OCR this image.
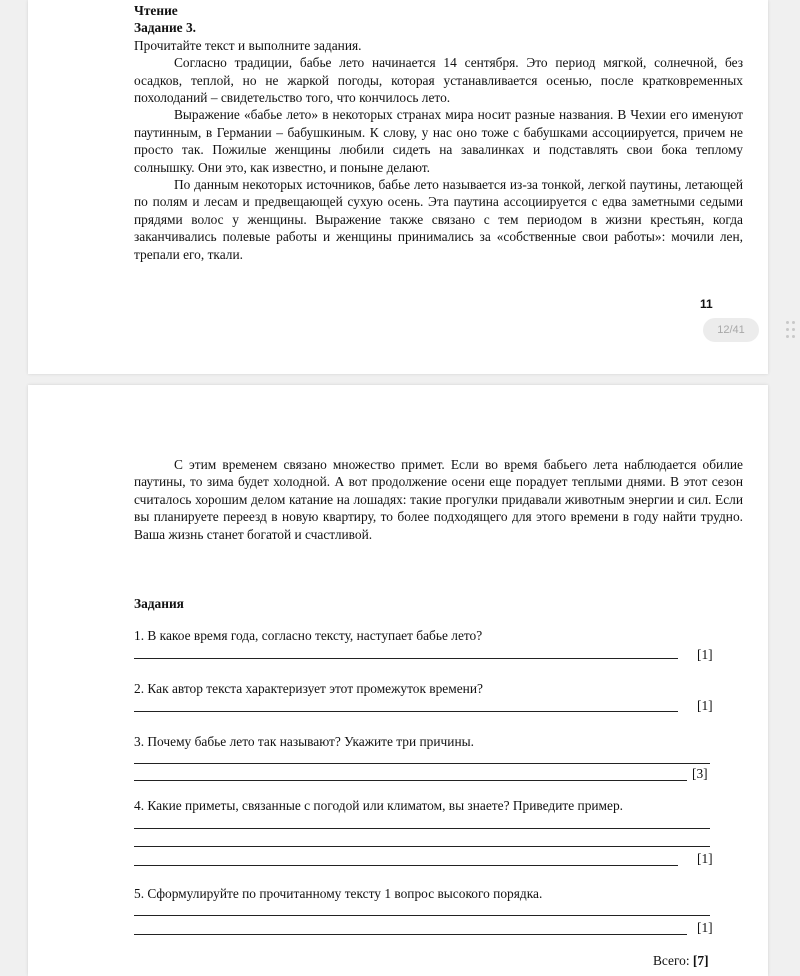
Чтение
Задание 3.
Прочитайте текст и выполните задания.

Согласно традиции, бабье лето начинается 14 сентября. Это период мягкой, солнечной, без осадков, теплой, но не жаркой погоды, которая устанавливается осенью, после кратковременных похолоданий – свидетельство того, что кончилось лето.

Выражение «бабье лето» в некоторых странах мира носит разные названия. В Чехии его именуют паутинным, в Германии – бабушкиным. К слову, у нас оно тоже с бабушками ассоциируется, причем не просто так. Пожилые женщины любили сидеть на завалинках и подставлять свои бока теплому солнышку. Они это, как известно, и поныне делают.

По данным некоторых источников, бабье лето называется из-за тонкой, легкой паутины, летающей по полям и лесам и предвещающей сухую осень. Эта паутина ассоциируется с едва заметными седыми прядями волос у женщины. Выражение также связано с тем периодом в жизни крестьян, когда заканчивались полевые работы и женщины принимались за «собственные свои работы»: мочили лен, трепали его, ткали.

11
12/41

С этим временем связано множество примет. Если во время бабьего лета наблюдается обилие паутины, то зима будет холодной. А вот продолжение осени еще порадует теплыми днями. В этот сезон считалось хорошим делом катание на лошадях: такие прогулки придавали животным энергии и сил. Если вы планируете переезд в новую квартиру, то более подходящего для этого времени в году найти трудно. Ваша жизнь станет богатой и счастливой.

Задания
1. В какое время года, согласно тексту, наступает бабье лето?
[1]
2. Как автор текста характеризует этот промежуток времени?
[1]
3. Почему бабье лето так называют? Укажите три причины.
[3]
4. Какие приметы, связанные с погодой или климатом, вы знаете? Приведите пример.
[1]
5. Сформулируйте по прочитанному тексту 1 вопрос высокого порядка.
[1]
Всего: [7]
